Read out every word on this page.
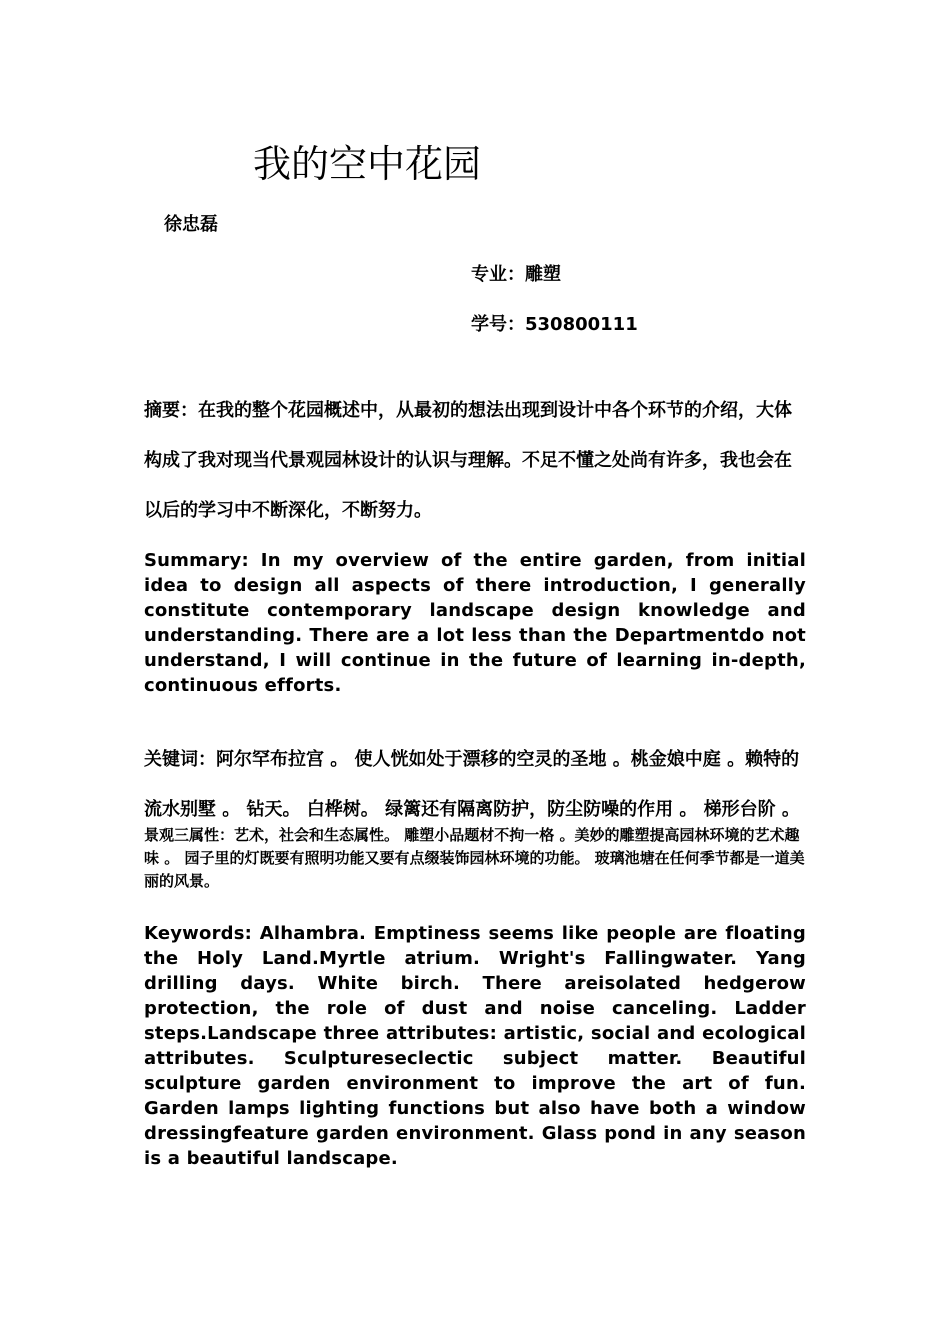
我的空中花园
徐忠磊
专业：雕塑
学号：530800111

摘要：在我的整个花园概述中，从最初的想法出现到设计中各个环节的介绍，大体构成了我对现当代景观园林设计的认识与理解。不足不懂之处尚有许多，我也会在以后的学习中不断深化，不断努力。

Summary: In my overview of the entire garden, from initial idea to design all aspects of there introduction, I generally constitute contemporary landscape design knowledge and understanding. There are a lot less than the Departmentdo not understand, I will continue in the future of learning in-depth, continuous efforts.

关键词：阿尔罕布拉宫 。 使人恍如处于漂移的空灵的圣地 。桃金娘中庭 。赖特的流水别墅 。 钻天。 白桦树。 绿篱还有隔离防护，防尘防噪的作用 。 梯形台阶 。

景观三属性：艺术，社会和生态属性。 雕塑小品题材不拘一格 。美妙的雕塑提高园林环境的艺术趣味 。 园子里的灯既要有照明功能又要有点缀装饰园林环境的功能。 玻璃池塘在任何季节都是一道美丽的风景。

Keywords: Alhambra. Emptiness seems like people are floating the Holy Land.Myrtle atrium. Wright's Fallingwater. Yang drilling days. White birch. There areisolated hedgerow protection, the role of dust and noise canceling. Ladder steps.Landscape three attributes: artistic, social and ecological attributes. Sculptureseclectic subject matter. Beautiful sculpture garden environment to improve the art of fun. Garden lamps lighting functions but also have both a window dressingfeature garden environment. Glass pond in any season is a beautiful landscape.
